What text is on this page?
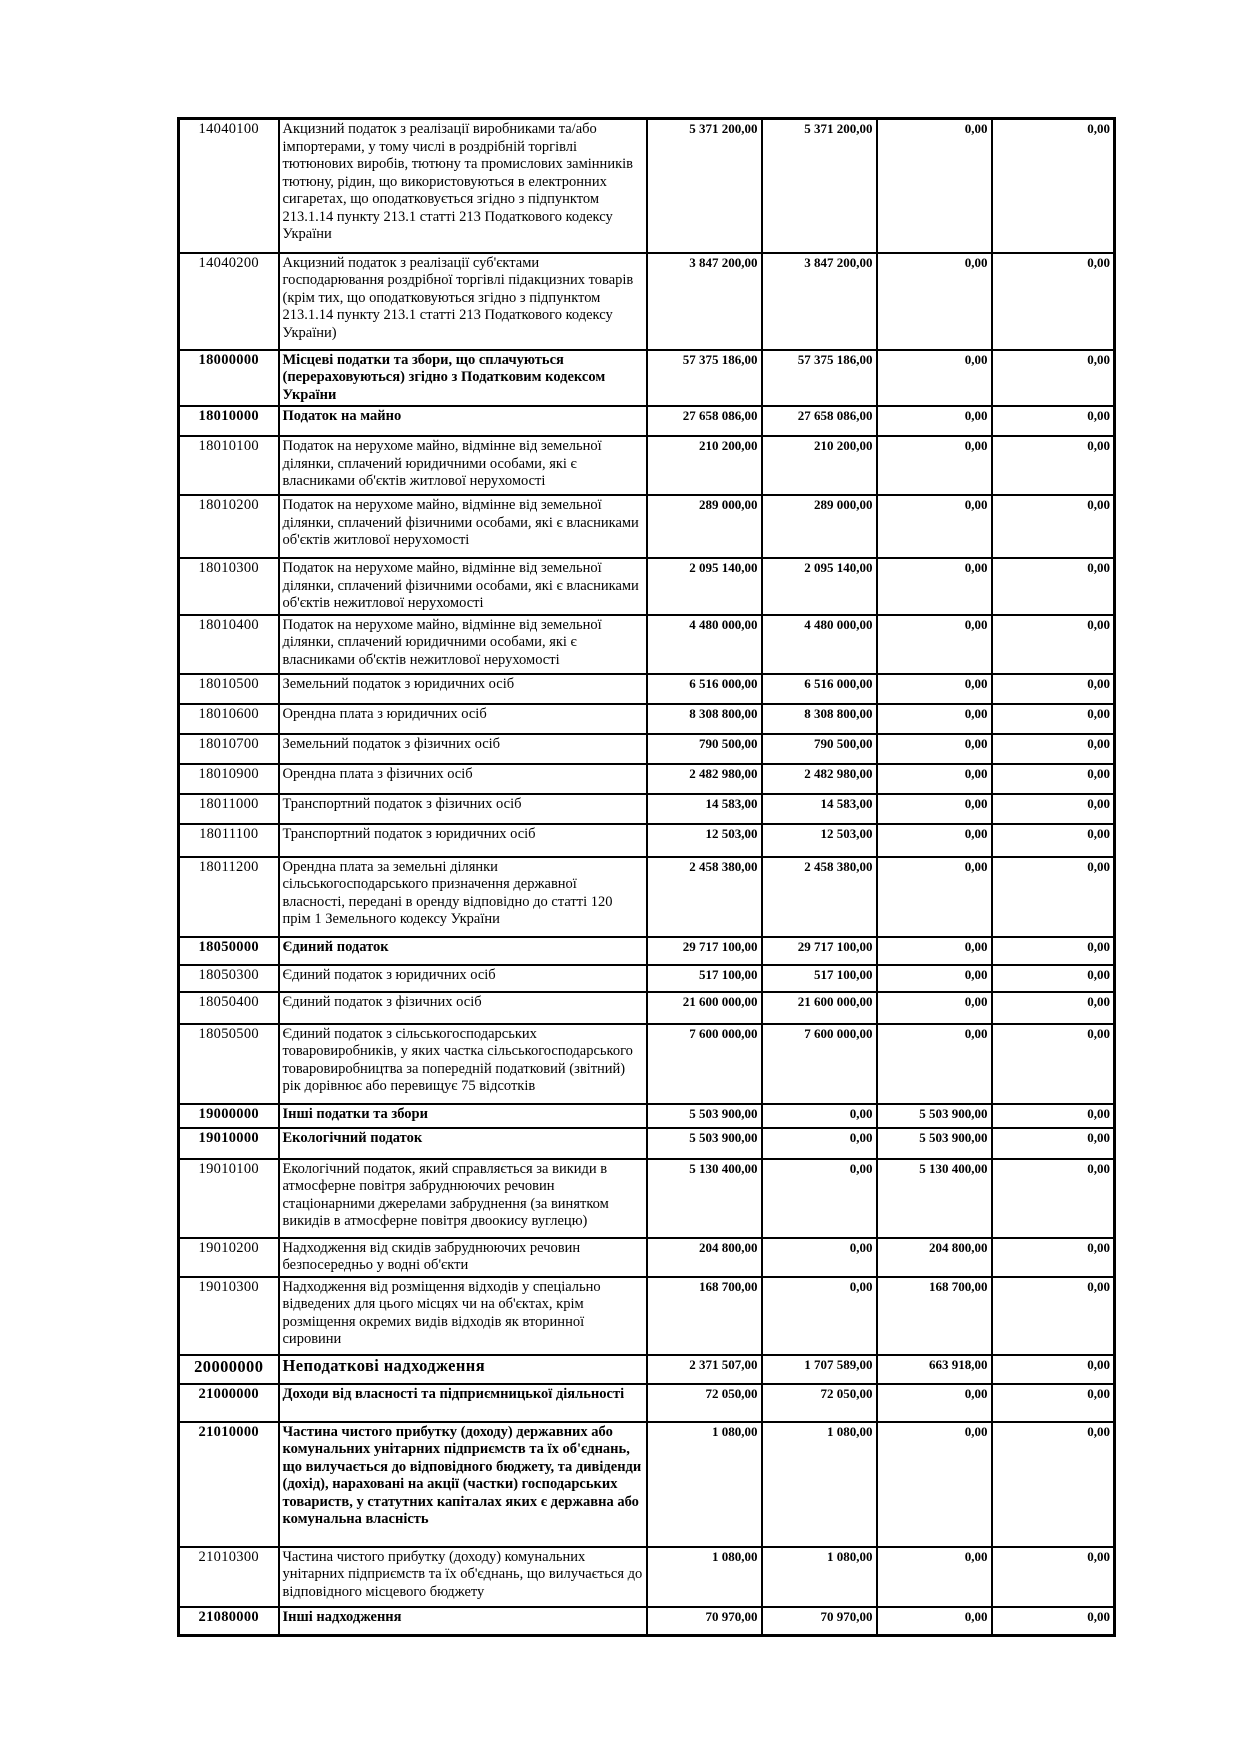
14040100	Акцизний податок з реалізації виробниками та/або імпортерами, у тому числі в роздрібній торгівлі тютюнових виробів, тютюну та промислових замінників тютюну, рідин, що використовуються в електронних сигаретах, що оподатковується згідно з підпунктом 213.1.14 пункту 213.1 статті 213 Податкового кодексу України	5 371 200,00	5 371 200,00	0,00	0,00
14040200	Акцизний податок з реалізації суб'єктами господарювання роздрібної торгівлі підакцизних товарів (крім тих, що оподатковуються згідно з підпунктом 213.1.14 пункту 213.1 статті 213 Податкового кодексу України)	3 847 200,00	3 847 200,00	0,00	0,00
18000000	Місцеві податки та збори, що сплачуються (перераховуються) згідно з Податковим кодексом України	57 375 186,00	57 375 186,00	0,00	0,00
18010000	Податок на майно	27 658 086,00	27 658 086,00	0,00	0,00
18010100	Податок на нерухоме майно, відмінне від земельної ділянки, сплачений юридичними особами, які є власниками об'єктів житлової нерухомості	210 200,00	210 200,00	0,00	0,00
18010200	Податок на нерухоме майно, відмінне від земельної ділянки, сплачений фізичними особами, які є власниками об'єктів житлової нерухомості	289 000,00	289 000,00	0,00	0,00
18010300	Податок на нерухоме майно, відмінне від земельної ділянки, сплачений фізичними особами, які є власниками об'єктів нежитлової нерухомості	2 095 140,00	2 095 140,00	0,00	0,00
18010400	Податок на нерухоме майно, відмінне від земельної ділянки, сплачений юридичними особами, які є власниками об'єктів нежитлової нерухомості	4 480 000,00	4 480 000,00	0,00	0,00
18010500	Земельний податок з юридичних осіб	6 516 000,00	6 516 000,00	0,00	0,00
18010600	Орендна плата з юридичних осіб	8 308 800,00	8 308 800,00	0,00	0,00
18010700	Земельний податок з фізичних осіб	790 500,00	790 500,00	0,00	0,00
18010900	Орендна плата з фізичних осіб	2 482 980,00	2 482 980,00	0,00	0,00
18011000	Транспортний податок з фізичних осіб	14 583,00	14 583,00	0,00	0,00
18011100	Транспортний податок з юридичних осіб	12 503,00	12 503,00	0,00	0,00
18011200	Орендна плата за земельні ділянки сільськогосподарського призначення державної власності, передані в оренду відповідно до статті 120 прім 1 Земельного кодексу України	2 458 380,00	2 458 380,00	0,00	0,00
18050000	Єдиний податок	29 717 100,00	29 717 100,00	0,00	0,00
18050300	Єдиний податок з юридичних осіб	517 100,00	517 100,00	0,00	0,00
18050400	Єдиний податок з фізичних осіб	21 600 000,00	21 600 000,00	0,00	0,00
18050500	Єдиний податок з сільськогосподарських товаровиробників, у яких частка сільськогосподарського товаровиробництва за попередній податковий (звітний) рік дорівнює або перевищує 75 відсотків	7 600 000,00	7 600 000,00	0,00	0,00
19000000	Інші податки та збори	5 503 900,00	0,00	5 503 900,00	0,00
19010000	Екологічний податок	5 503 900,00	0,00	5 503 900,00	0,00
19010100	Екологічний податок, який справляється за викиди в атмосферне повітря забруднюючих речовин стаціонарними джерелами забруднення (за винятком викидів в атмосферне повітря двоокису вуглецю)	5 130 400,00	0,00	5 130 400,00	0,00
19010200	Надходження від скидів забруднюючих речовин безпосередньо у водні об'єкти	204 800,00	0,00	204 800,00	0,00
19010300	Надходження від розміщення відходів у спеціально відведених для цього місцях чи на об'єктах, крім розміщення окремих видів відходів як вторинної сировини	168 700,00	0,00	168 700,00	0,00
20000000	Неподаткові надходження	2 371 507,00	1 707 589,00	663 918,00	0,00
21000000	Доходи від власності та підприємницької діяльності	72 050,00	72 050,00	0,00	0,00
21010000	Частина чистого прибутку (доходу) державних або комунальних унітарних підприємств та їх об'єднань, що вилучається до відповідного бюджету, та дивіденди (дохід), нараховані на акції (частки) господарських товариств, у статутних капіталах яких є державна або комунальна власність	1 080,00	1 080,00	0,00	0,00
21010300	Частина чистого прибутку (доходу) комунальних унітарних підприємств та їх об'єднань, що вилучається до відповідного місцевого бюджету	1 080,00	1 080,00	0,00	0,00
21080000	Інші надходження	70 970,00	70 970,00	0,00	0,00
